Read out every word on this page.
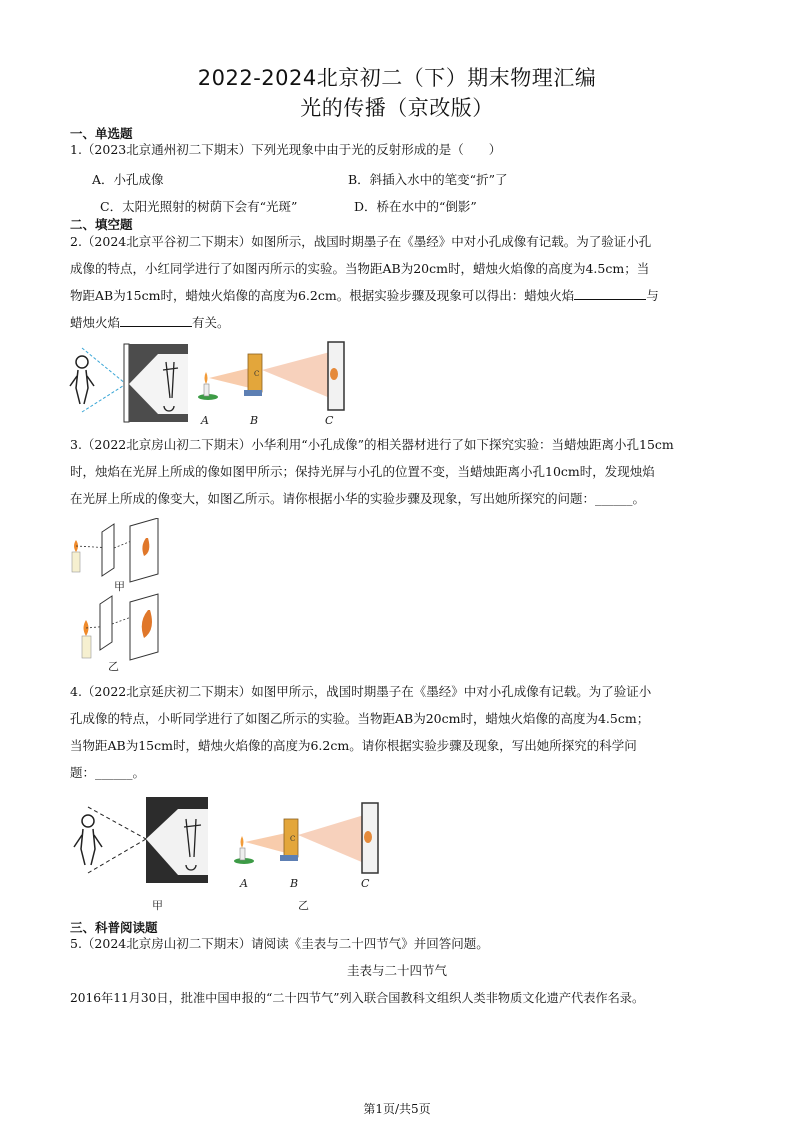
2022-2024北京初二（下）期末物理汇编
光的传播（京改版）
一、单选题
1.（2023北京通州初二下期末）下列光现象中由于光的反射形成的是（　　）
A．小孔成像	B．斜插入水中的笔变“折”了
C．太阳光照射的树荫下会有“光斑”	D．桥在水中的“倒影”
二、填空题
2.（2024北京平谷初二下期末）如图所示，战国时期墨子在《墨经》中对小孔成像有记载。为了验证小孔
成像的特点，小红同学进行了如图丙所示的实验。当物距AB为20cm时，蜡烛火焰像的高度为4.5cm；当
物距AB为15cm时，蜡烛火焰像的高度为6.2cm。根据实验步骤及现象可以得出：蜡烛火焰	与
蜡烛火焰	有关。
C
A	B	C
3.（2022北京房山初二下期末）小华利用“小孔成像”的相关器材进行了如下探究实验：当蜡烛距离小孔15cm
时，烛焰在光屏上所成的像如图甲所示；保持光屏与小孔的位置不变，当蜡烛距离小孔10cm时，发现烛焰
在光屏上所成的像变大，如图乙所示。请你根据小华的实验步骤及现象，写出她所探究的问题：______。
甲
乙
4.（2022北京延庆初二下期末）如图甲所示，战国时期墨子在《墨经》中对小孔成像有记载。为了验证小
孔成像的特点，小昕同学进行了如图乙所示的实验。当物距AB为20cm时，蜡烛火焰像的高度为4.5cm；
当物距AB为15cm时，蜡烛火焰像的高度为6.2cm。请你根据实验步骤及现象，写出她所探究的科学问
题：______。
甲
C
A	B	C
乙
三、科普阅读题
5.（2024北京房山初二下期末）请阅读《圭表与二十四节气》并回答问题。
圭表与二十四节气
2016年11月30日，批准中国申报的“二十四节气”列入联合国教科文组织人类非物质文化遗产代表作名录。
第1页/共5页
